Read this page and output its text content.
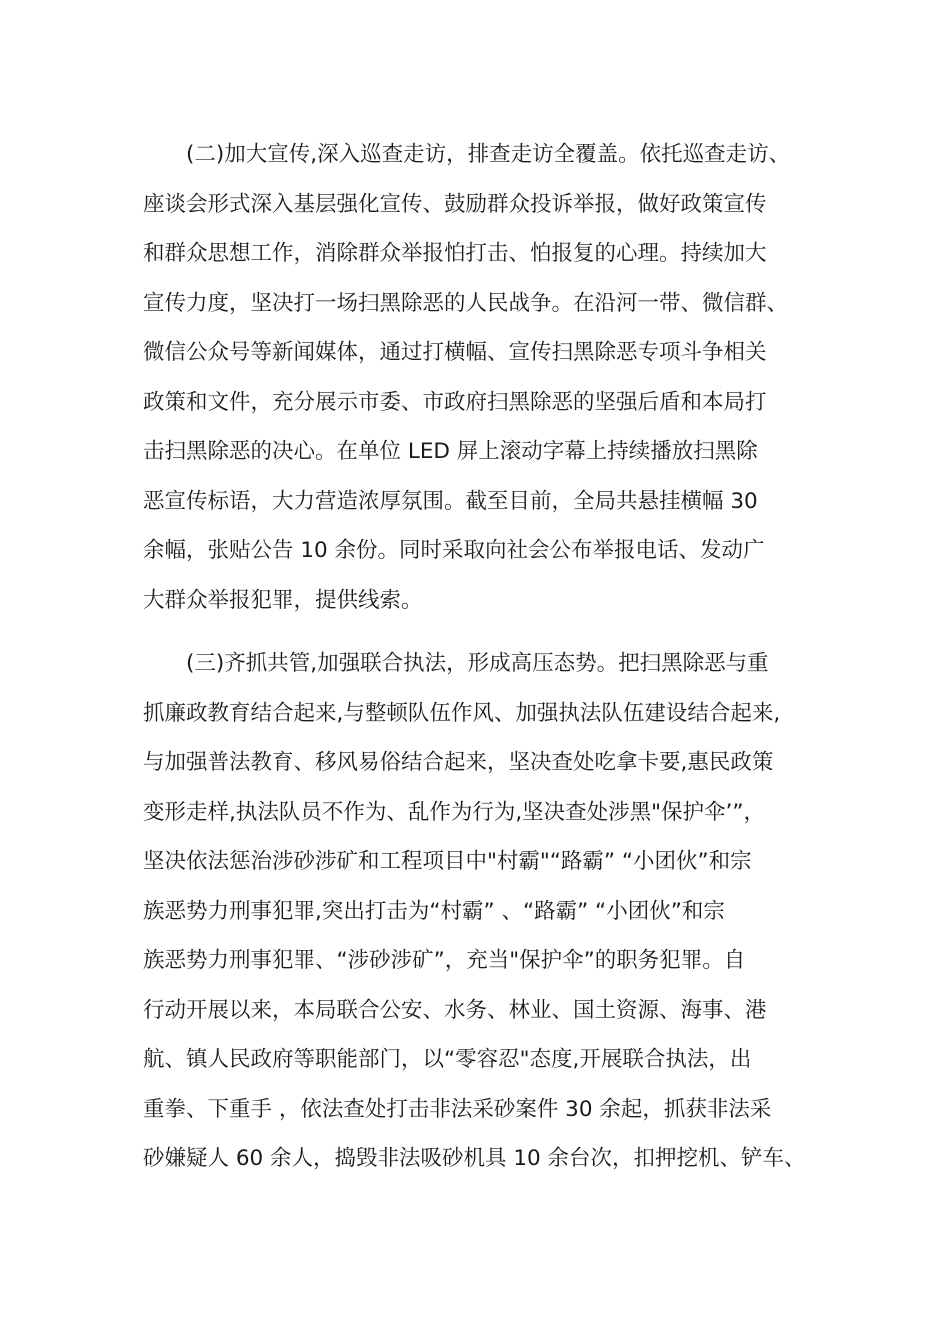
(二)加大宣传,深入巡查走访，排查走访全覆盖。依托巡查走访、
座谈会形式深入基层强化宣传、鼓励群众投诉举报，做好政策宣传
和群众思想工作，消除群众举报怕打击、怕报复的心理。持续加大
宣传力度，坚决打一场扫黑除恶的人民战争。在沿河一带、微信群、
微信公众号等新闻媒体，通过打横幅、宣传扫黑除恶专项斗争相关
政策和文件，充分展示市委、市政府扫黑除恶的坚强后盾和本局打
击扫黑除恶的决心。在单位 LED 屏上滚动字幕上持续播放扫黑除
恶宣传标语，大力营造浓厚氛围。截至目前，全局共悬挂横幅 30
余幅，张贴公告 10 余份。同时采取向社会公布举报电话、发动广
大群众举报犯罪，提供线索。
(三)齐抓共管,加强联合执法，形成高压态势。把扫黑除恶与重
抓廉政教育结合起来,与整顿队伍作风、加强执法队伍建设结合起来,
与加强普法教育、移风易俗结合起来，坚决查处吃拿卡要,惠民政策
变形走样,执法队员不作为、乱作为行为,坚决查处涉黑"保护伞’”，
坚决依法惩治涉砂涉矿和工程项目中"村霸"“路霸” “小团伙”和宗
族恶势力刑事犯罪,突出打击为“村霸” 、“路霸” “小团伙”和宗
族恶势力刑事犯罪、“涉砂涉矿”，充当"保护伞”的职务犯罪。自
行动开展以来，本局联合公安、水务、林业、国土资源、海事、港
航、镇人民政府等职能部门，以“零容忍"态度,开展联合执法，出
重拳、下重手 ，依法查处打击非法采砂案件 30 余起，抓获非法采
砂嫌疑人 60 余人，捣毁非法吸砂机具 10 余台次，扣押挖机、铲车、
